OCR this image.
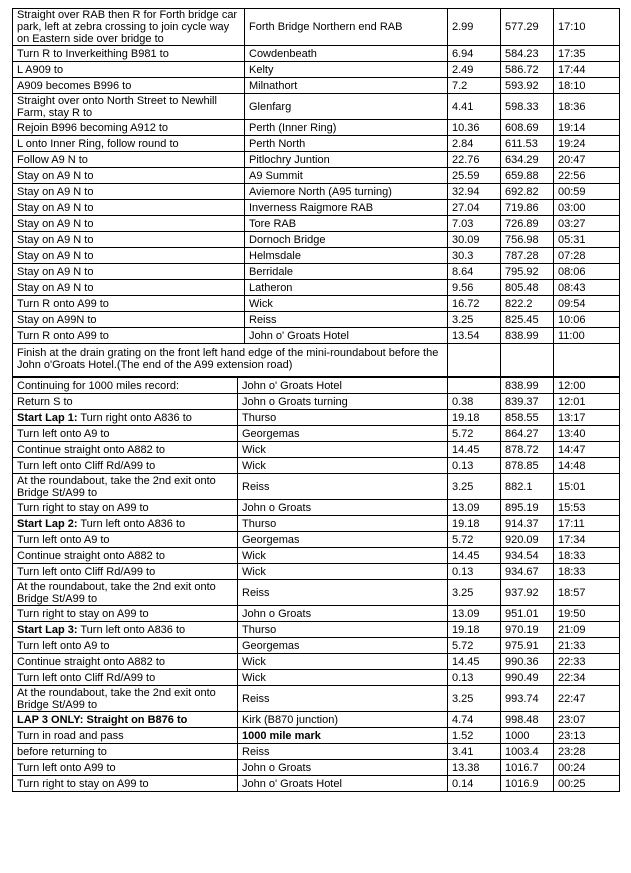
Straight over RAB then R for Forth bridge car park, left at zebra crossing to join cycle way on Eastern side over bridge to	Forth Bridge Northern end RAB	2.99	577.29	17:10
Turn R to Inverkeithing B981 to	Cowdenbeath	6.94	584.23	17:35
L A909 to	Kelty	2.49	586.72	17:44
A909 becomes B996 to	Milnathort	7.2	593.92	18:10
Straight over onto North Street to Newhill Farm, stay R to	Glenfarg	4.41	598.33	18:36
Rejoin B996 becoming A912 to	Perth (Inner Ring)	10.36	608.69	19:14
L onto Inner Ring, follow round to	Perth North	2.84	611.53	19:24
Follow A9 N to	Pitlochry Juntion	22.76	634.29	20:47
Stay on A9 N to	A9 Summit	25.59	659.88	22:56
Stay on A9 N to	Aviemore North (A95 turning)	32.94	692.82	00:59
Stay on A9 N to	Inverness Raigmore RAB	27.04	719.86	03:00
Stay on A9 N to	Tore RAB	7.03	726.89	03:27
Stay on A9 N to	Dornoch Bridge	30.09	756.98	05:31
Stay on A9 N to	Helmsdale	30.3	787.28	07:28
Stay on A9 N to	Berridale	8.64	795.92	08:06
Stay on A9 N to	Latheron	9.56	805.48	08:43
Turn R onto A99 to	Wick	16.72	822.2	09:54
Stay on A99N to	Reiss	3.25	825.45	10:06
Turn R onto A99 to	John o' Groats Hotel	13.54	838.99	11:00
Finish at the drain grating on the front left hand edge of the mini-roundabout before the John o'Groats Hotel.(The end of the A99 extension road)				
Continuing for 1000 miles record:	John o' Groats Hotel		838.99	12:00
Return S to	John o Groats turning	0.38	839.37	12:01
Start Lap 1: Turn right onto A836 to	Thurso	19.18	858.55	13:17
Turn left onto A9 to	Georgemas	5.72	864.27	13:40
Continue straight onto A882 to	Wick	14.45	878.72	14:47
Turn left onto Cliff Rd/A99 to	Wick	0.13	878.85	14:48
At the roundabout, take the 2nd exit onto Bridge St/A99 to	Reiss	3.25	882.1	15:01
Turn right to stay on A99 to	John o Groats	13.09	895.19	15:53
Start Lap 2: Turn left onto A836 to	Thurso	19.18	914.37	17:11
Turn left onto A9 to	Georgemas	5.72	920.09	17:34
Continue straight onto A882 to	Wick	14.45	934.54	18:33
Turn left onto Cliff Rd/A99 to	Wick	0.13	934.67	18:33
At the roundabout, take the 2nd exit onto Bridge St/A99 to	Reiss	3.25	937.92	18:57
Turn right to stay on A99 to	John o Groats	13.09	951.01	19:50
Start Lap 3: Turn left onto A836 to	Thurso	19.18	970.19	21:09
Turn left onto A9 to	Georgemas	5.72	975.91	21:33
Continue straight onto A882 to	Wick	14.45	990.36	22:33
Turn left onto Cliff Rd/A99 to	Wick	0.13	990.49	22:34
At the roundabout, take the 2nd exit onto Bridge St/A99 to	Reiss	3.25	993.74	22:47
LAP 3 ONLY: Straight on B876 to	Kirk (B870 junction)	4.74	998.48	23:07
Turn in road and pass	1000 mile mark	1.52	1000	23:13
before returning to	Reiss	3.41	1003.4	23:28
Turn left onto A99 to	John o Groats	13.38	1016.7	00:24
Turn right to stay on A99 to	John o' Groats Hotel	0.14	1016.9	00:25
